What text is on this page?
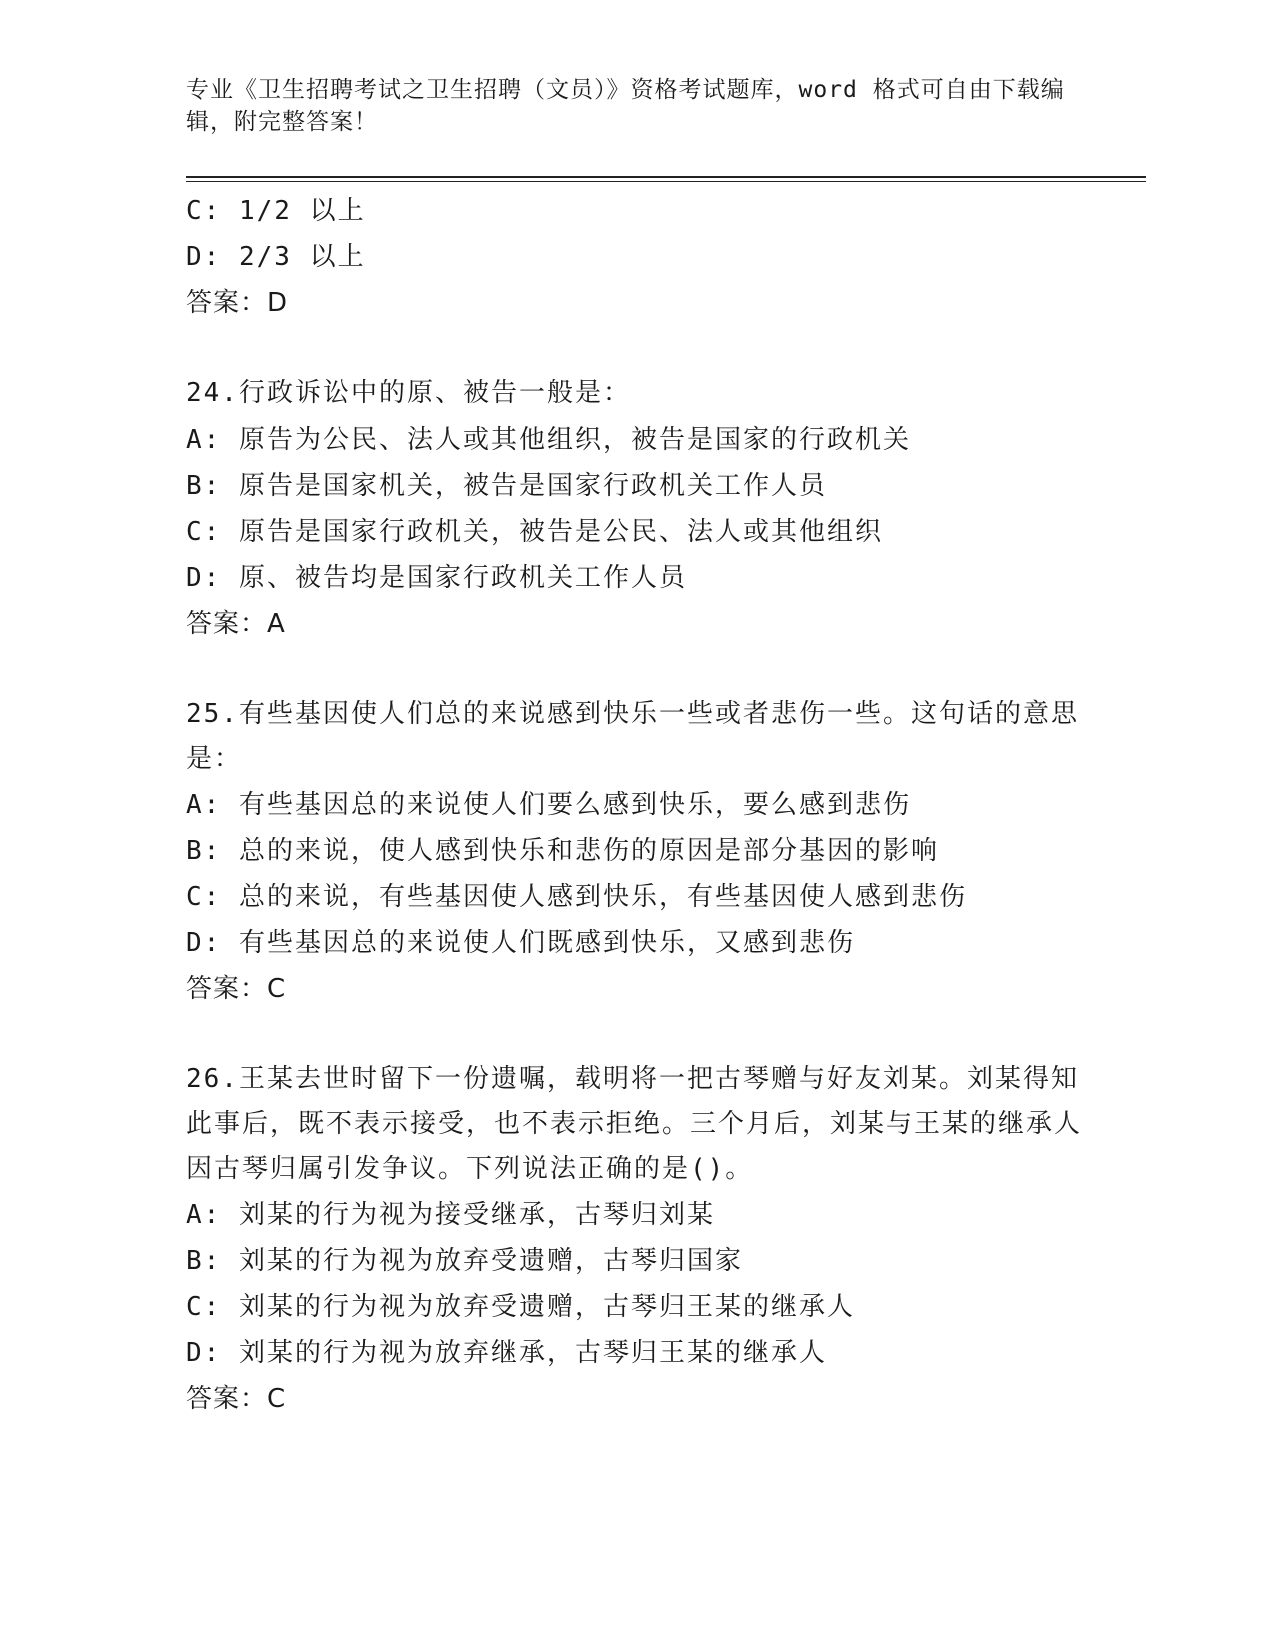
专业《卫生招聘考试之卫生招聘（文员）》资格考试题库，word 格式可自由下载编辑，附完整答案！
C: 1/2 以上
D: 2/3 以上
答案：D
24.行政诉讼中的原、被告一般是：
A: 原告为公民、法人或其他组织，被告是国家的行政机关
B: 原告是国家机关，被告是国家行政机关工作人员
C: 原告是国家行政机关，被告是公民、法人或其他组织
D: 原、被告均是国家行政机关工作人员
答案：A
25.有些基因使人们总的来说感到快乐一些或者悲伤一些。这句话的意思是：
A: 有些基因总的来说使人们要么感到快乐，要么感到悲伤
B: 总的来说，使人感到快乐和悲伤的原因是部分基因的影响
C: 总的来说，有些基因使人感到快乐，有些基因使人感到悲伤
D: 有些基因总的来说使人们既感到快乐，又感到悲伤
答案：C
26.王某去世时留下一份遗嘱，载明将一把古琴赠与好友刘某。刘某得知此事后，既不表示接受，也不表示拒绝。三个月后，刘某与王某的继承人因古琴归属引发争议。下列说法正确的是()。
A: 刘某的行为视为接受继承，古琴归刘某
B: 刘某的行为视为放弃受遗赠，古琴归国家
C: 刘某的行为视为放弃受遗赠，古琴归王某的继承人
D: 刘某的行为视为放弃继承，古琴归王某的继承人
答案：C
